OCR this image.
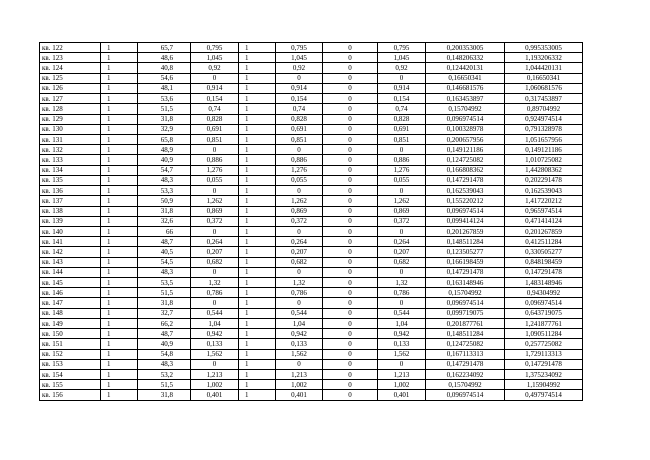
кв. 122	1	65,7	0,795	1	0,795	0	0,795	0,200353005	0,995353005
кв. 123	1	48,6	1,045	1	1,045	0	1,045	0,148206332	1,193206332
кв. 124	1	40,8	0,92	1	0,92	0	0,92	0,124420131	1,044420131
кв. 125	1	54,6	0	1	0	0	0	0,16650341	0,16650341
кв. 126	1	48,1	0,914	1	0,914	0	0,914	0,146681576	1,060681576
кв. 127	1	53,6	0,154	1	0,154	0	0,154	0,163453897	0,317453897
кв. 128	1	51,5	0,74	1	0,74	0	0,74	0,15704992	0,89704992
кв. 129	1	31,8	0,828	1	0,828	0	0,828	0,096974514	0,924974514
кв. 130	1	32,9	0,691	1	0,691	0	0,691	0,100328978	0,791328978
кв. 131	1	65,8	0,851	1	0,851	0	0,851	0,200657956	1,051657956
кв. 132	1	48,9	0	1	0	0	0	0,149121186	0,149121186
кв. 133	1	40,9	0,886	1	0,886	0	0,886	0,124725082	1,010725082
кв. 134	1	54,7	1,276	1	1,276	0	1,276	0,166808362	1,442808362
кв. 135	1	48,3	0,055	1	0,055	0	0,055	0,147291478	0,202291478
кв. 136	1	53,3	0	1	0	0	0	0,162539043	0,162539043
кв. 137	1	50,9	1,262	1	1,262	0	1,262	0,155220212	1,417220212
кв. 138	1	31,8	0,869	1	0,869	0	0,869	0,096974514	0,965974514
кв. 139	1	32,6	0,372	1	0,372	0	0,372	0,099414124	0,471414124
кв. 140	1	66	0	1	0	0	0	0,201267859	0,201267859
кв. 141	1	48,7	0,264	1	0,264	0	0,264	0,148511284	0,412511284
кв. 142	1	40,5	0,207	1	0,207	0	0,207	0,123505277	0,330505277
кв. 143	1	54,5	0,682	1	0,682	0	0,682	0,166198459	0,848198459
кв. 144	1	48,3	0	1	0	0	0	0,147291478	0,147291478
кв. 145	1	53,5	1,32	1	1,32	0	1,32	0,163148946	1,483148946
кв. 146	1	51,5	0,786	1	0,786	0	0,786	0,15704992	0,94304992
кв. 147	1	31,8	0	1	0	0	0	0,096974514	0,096974514
кв. 148	1	32,7	0,544	1	0,544	0	0,544	0,099719075	0,643719075
кв. 149	1	66,2	1,04	1	1,04	0	1,04	0,201877761	1,241877761
кв. 150	1	48,7	0,942	1	0,942	0	0,942	0,148511284	1,090511284
кв. 151	1	40,9	0,133	1	0,133	0	0,133	0,124725082	0,257725082
кв. 152	1	54,8	1,562	1	1,562	0	1,562	0,167113313	1,729113313
кв. 153	1	48,3	0	1	0	0	0	0,147291478	0,147291478
кв. 154	1	53,2	1,213	1	1,213	0	1,213	0,162234092	1,375234092
кв. 155	1	51,5	1,002	1	1,002	0	1,002	0,15704992	1,15904992
кв. 156	1	31,8	0,401	1	0,401	0	0,401	0,096974514	0,497974514
